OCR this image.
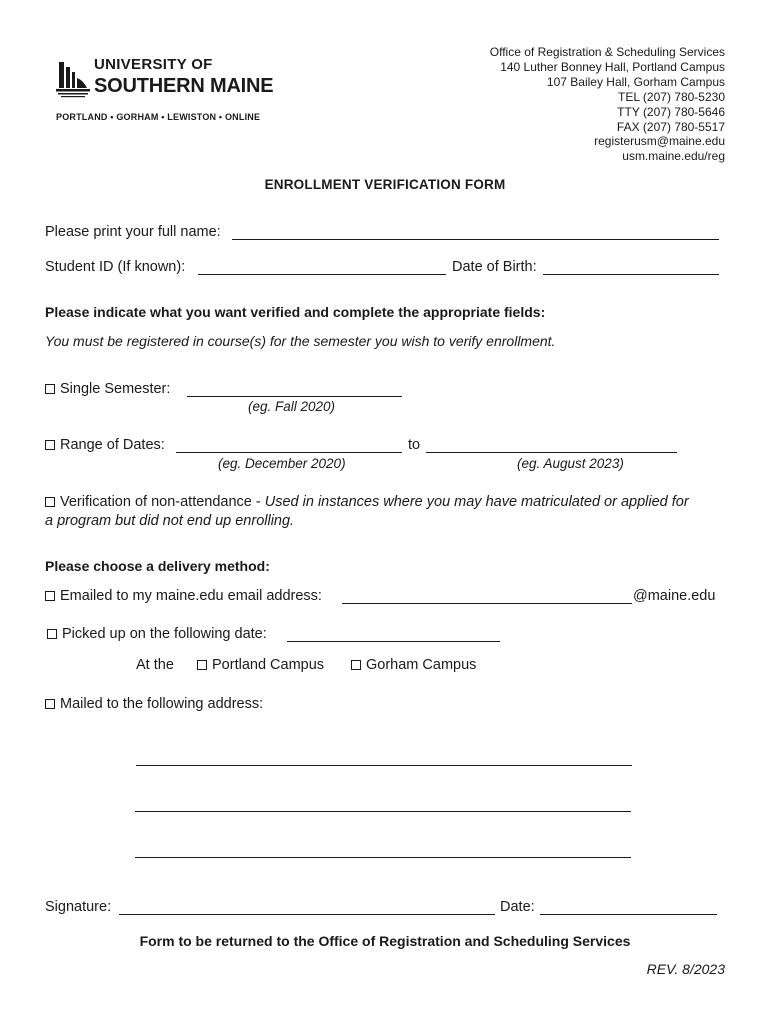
UNIVERSITY OF
SOUTHERN MAINE
PORTLAND • GORHAM • LEWISTON • ONLINE
Office of Registration & Scheduling Services
140 Luther Bonney Hall, Portland Campus
107 Bailey Hall, Gorham Campus
TEL (207) 780-5230
TTY (207) 780-5646
FAX (207) 780-5517
registerusm@maine.edu
usm.maine.edu/reg
ENROLLMENT VERIFICATION FORM
Please print your full name:
Student ID (If known):	Date of Birth:
Please indicate what you want verified and complete the appropriate fields:
You must be registered in course(s) for the semester you wish to verify enrollment.
Single Semester:
(eg. Fall 2020)
Range of Dates:	to
(eg. December 2020)	(eg. August 2023)
Verification of non-attendance - Used in instances where you may have matriculated or applied for
a program but did not end up enrolling.
Please choose a delivery method:
Emailed to my maine.edu email address:	@maine.edu
Picked up on the following date:
At the	Portland Campus	Gorham Campus
Mailed to the following address:
Signature:	Date:
Form to be returned to the Office of Registration and Scheduling Services
REV. 8/2023
